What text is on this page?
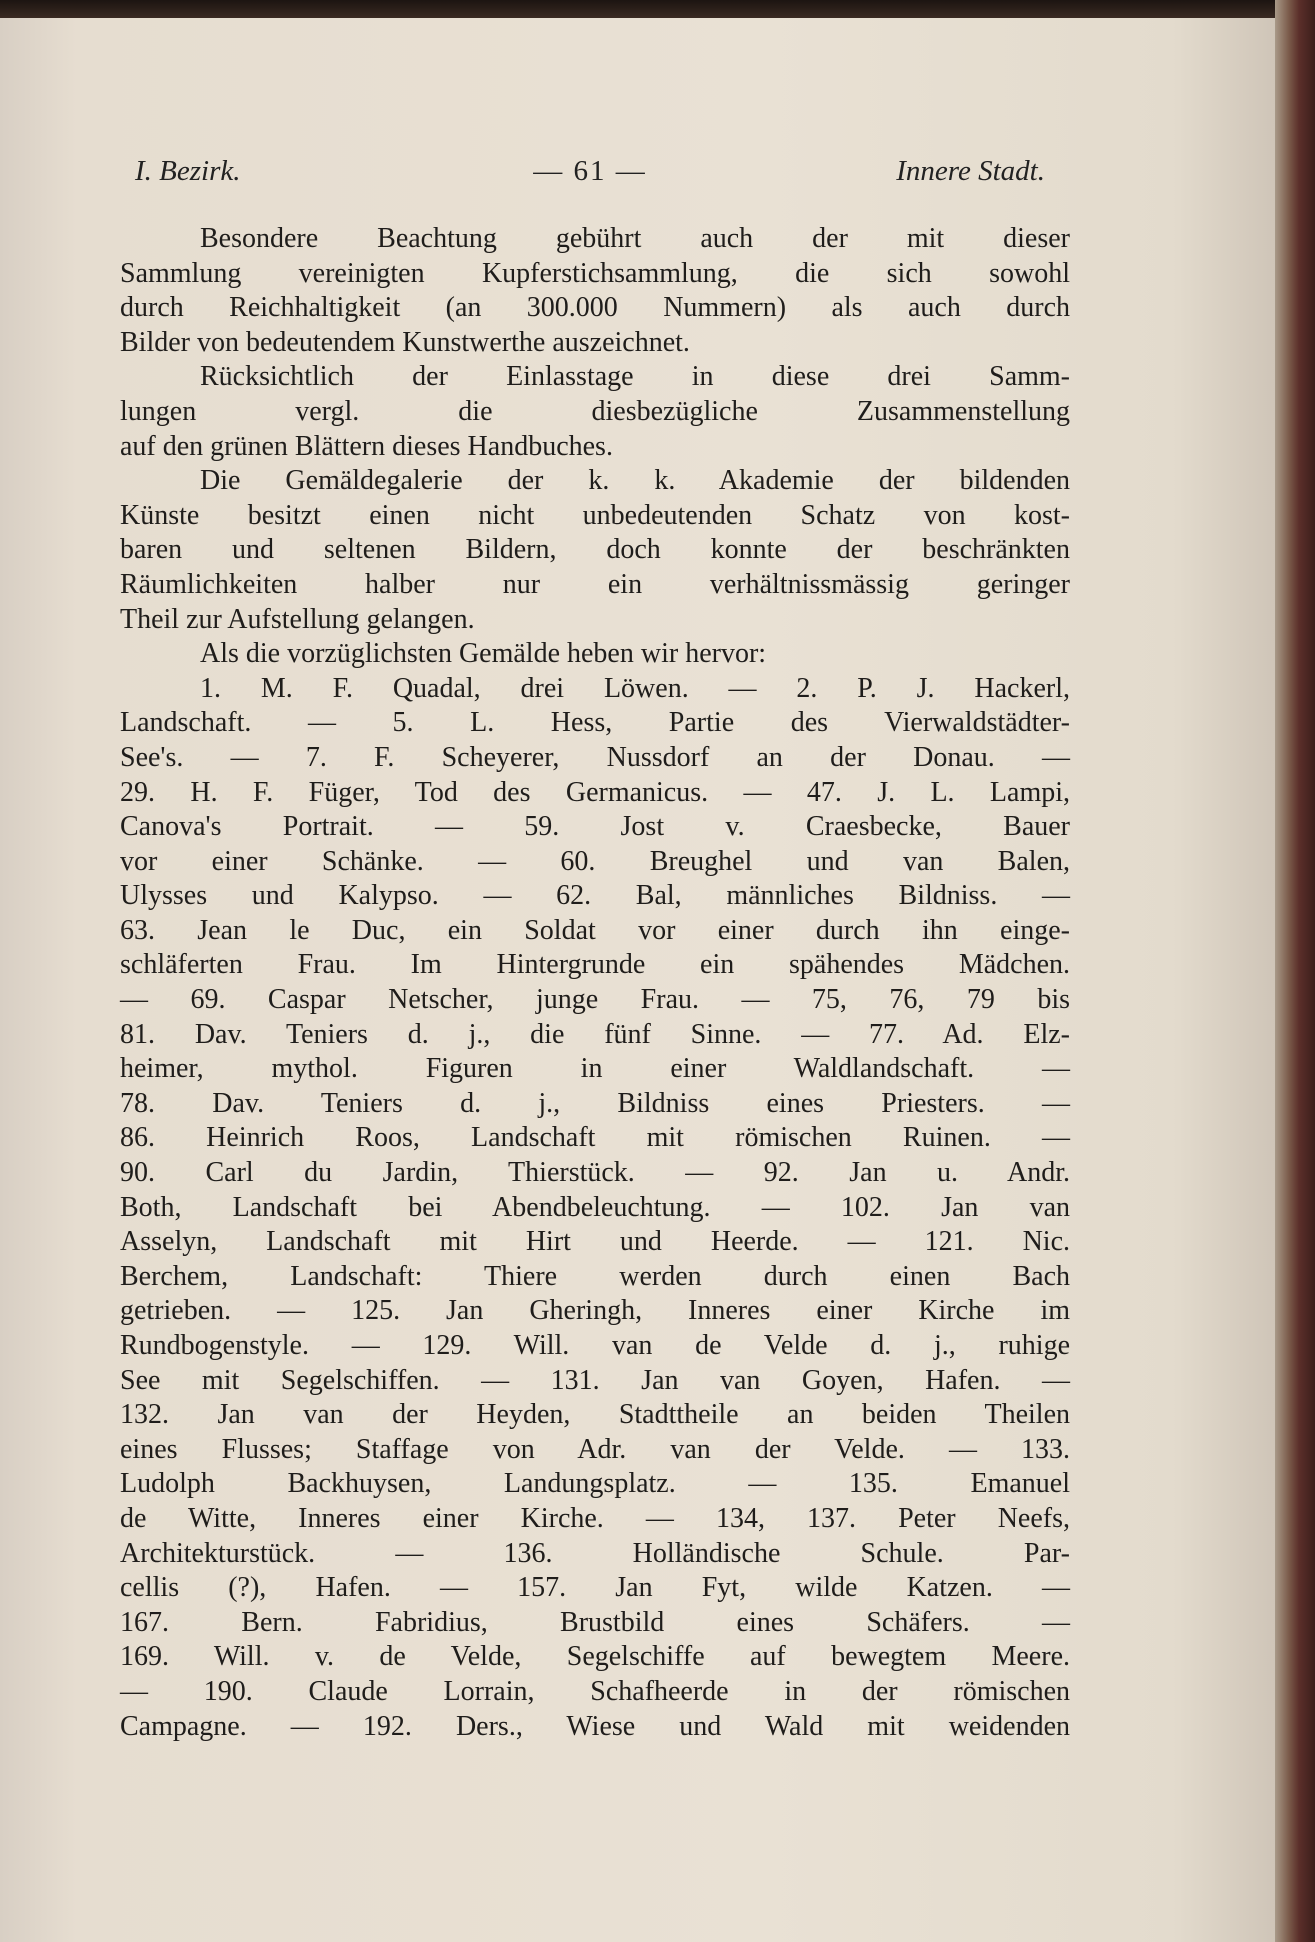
I. Bezirk.	— 61 —	Innere Stadt.
Besondere Beachtung gebührt auch der mit dieser
Sammlung vereinigten Kupferstichsammlung, die sich sowohl
durch Reichhaltigkeit (an 300.000 Nummern) als auch durch
Bilder von bedeutendem Kunstwerthe auszeichnet.
Rücksichtlich der Einlasstage in diese drei Samm-
lungen vergl. die diesbezügliche Zusammenstellung
auf den grünen Blättern dieses Handbuches.
Die Gemäldegalerie der k. k. Akademie der bildenden
Künste besitzt einen nicht unbedeutenden Schatz von kost-
baren und seltenen Bildern, doch konnte der beschränkten
Räumlichkeiten halber nur ein verhältnissmässig geringer
Theil zur Aufstellung gelangen.
Als die vorzüglichsten Gemälde heben wir hervor:
1. M. F. Quadal, drei Löwen. — 2. P. J. Hackerl,
Landschaft. — 5. L. Hess, Partie des Vierwaldstädter-
See's. — 7. F. Scheyerer, Nussdorf an der Donau. —
29. H. F. Füger, Tod des Germanicus. — 47. J. L. Lampi,
Canova's Portrait. — 59. Jost v. Craesbecke, Bauer
vor einer Schänke. — 60. Breughel und van Balen,
Ulysses und Kalypso. — 62. Bal, männliches Bildniss. —
63. Jean le Duc, ein Soldat vor einer durch ihn einge-
schläferten Frau. Im Hintergrunde ein spähendes Mädchen.
— 69. Caspar Netscher, junge Frau. — 75, 76, 79 bis
81. Dav. Teniers d. j., die fünf Sinne. — 77. Ad. Elz-
heimer, mythol. Figuren in einer Waldlandschaft. —
78. Dav. Teniers d. j., Bildniss eines Priesters. —
86. Heinrich Roos, Landschaft mit römischen Ruinen. —
90. Carl du Jardin, Thierstück. — 92. Jan u. Andr.
Both, Landschaft bei Abendbeleuchtung. — 102. Jan van
Asselyn, Landschaft mit Hirt und Heerde. — 121. Nic.
Berchem, Landschaft: Thiere werden durch einen Bach
getrieben. — 125. Jan Gheringh, Inneres einer Kirche im
Rundbogenstyle. — 129. Will. van de Velde d. j., ruhige
See mit Segelschiffen. — 131. Jan van Goyen, Hafen. —
132. Jan van der Heyden, Stadttheile an beiden Theilen
eines Flusses; Staffage von Adr. van der Velde. — 133.
Ludolph Backhuysen, Landungsplatz. — 135. Emanuel
de Witte, Inneres einer Kirche. — 134, 137. Peter Neefs,
Architekturstück. — 136. Holländische Schule. Par-
cellis (?), Hafen. — 157. Jan Fyt, wilde Katzen. —
167. Bern. Fabridius, Brustbild eines Schäfers. —
169. Will. v. de Velde, Segelschiffe auf bewegtem Meere.
— 190. Claude Lorrain, Schafheerde in der römischen
Campagne. — 192. Ders., Wiese und Wald mit weidenden
